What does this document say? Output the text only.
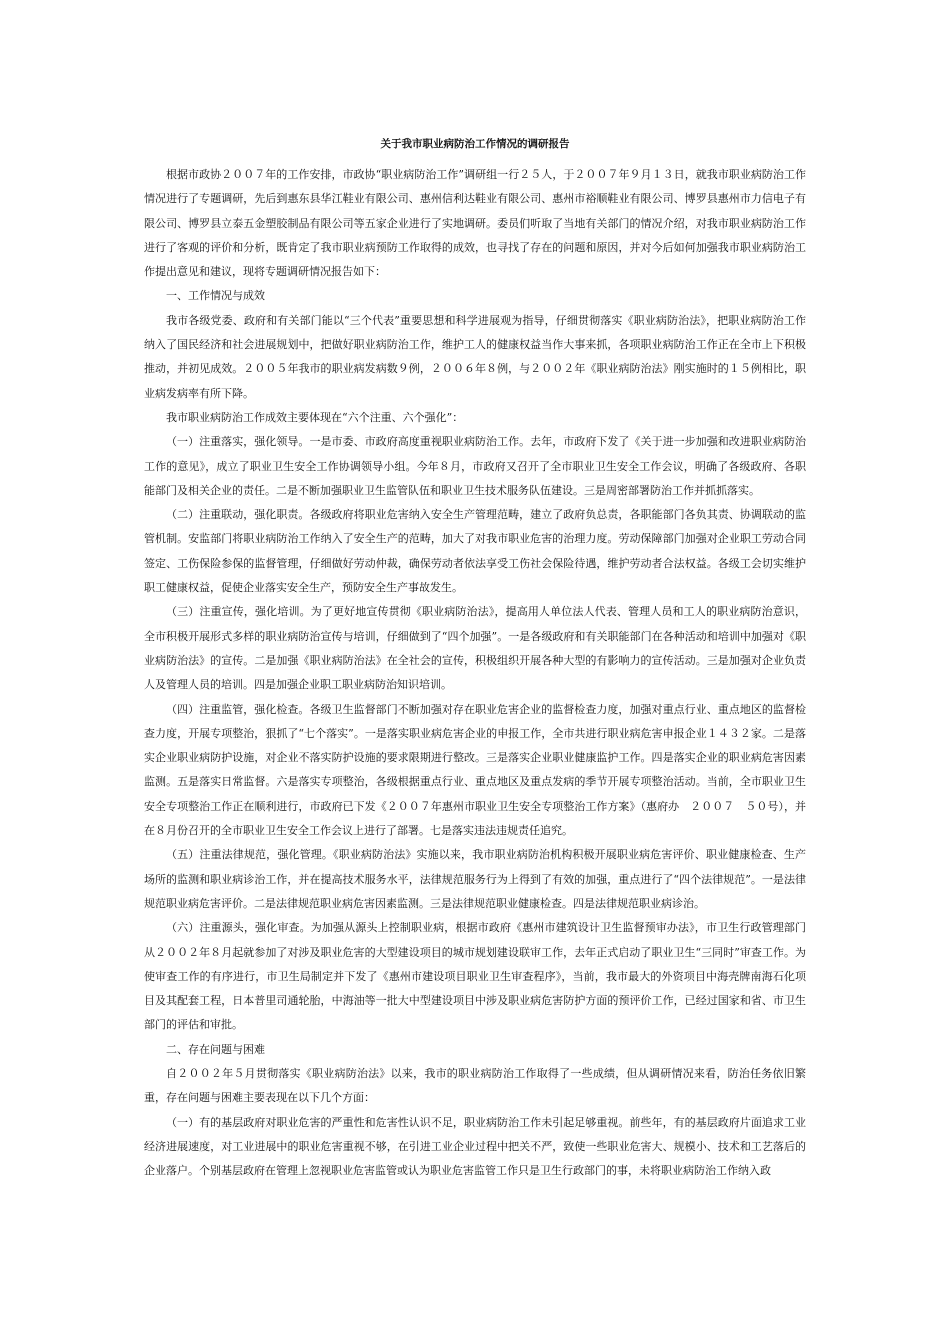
关于我市职业病防治工作情况的调研报告

根据市政协２００７年的工作安排，市政协“职业病防治工作”调研组一行２５人，于２００７年９月１３日，就我市职业病防治工作情况进行了专题调研，先后到惠东县华江鞋业有限公司、惠州信利达鞋业有限公司、惠州市裕顺鞋业有限公司、博罗县惠州市力信电子有限公司、博罗县立泰五金塑胶制品有限公司等五家企业进行了实地调研。委员们听取了当地有关部门的情况介绍，对我市职业病防治工作进行了客观的评价和分析，既肯定了我市职业病预防工作取得的成效，也寻找了存在的问题和原因，并对今后如何加强我市职业病防治工作提出意见和建议，现将专题调研情况报告如下：

一、工作情况与成效

我市各级党委、政府和有关部门能以“三个代表”重要思想和科学进展观为指导，仔细贯彻落实《职业病防治法》，把职业病防治工作纳入了国民经济和社会进展规划中，把做好职业病防治工作，维护工人的健康权益当作大事来抓，各项职业病防治工作正在全市上下积极推动，并初见成效。２００５年我市的职业病发病数９例，２００６年８例，与２００２年《职业病防治法》刚实施时的１５例相比，职业病发病率有所下降。

我市职业病防治工作成效主要体现在“六个注重、六个强化”：

（一）注重落实，强化领导。一是市委、市政府高度重视职业病防治工作。去年，市政府下发了《关于进一步加强和改进职业病防治工作的意见》，成立了职业卫生安全工作协调领导小组。今年８月，市政府又召开了全市职业卫生安全工作会议，明确了各级政府、各职能部门及相关企业的责任。二是不断加强职业卫生监管队伍和职业卫生技术服务队伍建设。三是周密部署防治工作并抓抓落实。

（二）注重联动，强化职责。各级政府将职业危害纳入安全生产管理范畴，建立了政府负总责，各职能部门各负其责、协调联动的监管机制。安监部门将职业病防治工作纳入了安全生产的范畴，加大了对我市职业危害的治理力度。劳动保障部门加强对企业职工劳动合同签定、工伤保险参保的监督管理，仔细做好劳动仲裁，确保劳动者依法享受工伤社会保险待遇，维护劳动者合法权益。各级工会切实维护职工健康权益，促使企业落实安全生产，预防安全生产事故发生。

（三）注重宣传，强化培训。为了更好地宣传贯彻《职业病防治法》，提高用人单位法人代表、管理人员和工人的职业病防治意识，全市积极开展形式多样的职业病防治宣传与培训，仔细做到了“四个加强”。一是各级政府和有关职能部门在各种活动和培训中加强对《职业病防治法》的宣传。二是加强《职业病防治法》在全社会的宣传，积极组织开展各种大型的有影响力的宣传活动。三是加强对企业负责人及管理人员的培训。四是加强企业职工职业病防治知识培训。

（四）注重监管，强化检查。各级卫生监督部门不断加强对存在职业危害企业的监督检查力度，加强对重点行业、重点地区的监督检查力度，开展专项整治，狠抓了“七个落实”。一是落实职业病危害企业的申报工作，全市共进行职业病危害申报企业１４３２家。二是落实企业职业病防护设施，对企业不落实防护设施的要求限期进行整改。三是落实企业职业健康监护工作。四是落实企业的职业病危害因素监测。五是落实日常监督。六是落实专项整治，各级根据重点行业、重点地区及重点发病的季节开展专项整治活动。当前，全市职业卫生安全专项整治工作正在顺利进行，市政府已下发《２００７年惠州市职业卫生安全专项整治工作方案》（惠府办　２００７　５０号），并在８月份召开的全市职业卫生安全工作会议上进行了部署。七是落实违法违规责任追究。

（五）注重法律规范，强化管理。《职业病防治法》实施以来，我市职业病防治机构积极开展职业病危害评价、职业健康检查、生产场所的监测和职业病诊治工作，并在提高技术服务水平，法律规范服务行为上得到了有效的加强，重点进行了“四个法律规范”。一是法律规范职业病危害评价。二是法律规范职业病危害因素监测。三是法律规范职业健康检查。四是法律规范职业病诊治。

（六）注重源头，强化审查。为加强从源头上控制职业病，根据市政府《惠州市建筑设计卫生监督预审办法》，市卫生行政管理部门从２００２年８月起就参加了对涉及职业危害的大型建设项目的城市规划建设联审工作，去年正式启动了职业卫生“三同时”审查工作。为使审查工作的有序进行，市卫生局制定并下发了《惠州市建设项目职业卫生审查程序》，当前，我市最大的外资项目中海壳牌南海石化项目及其配套工程，日本普里司通轮胎，中海油等一批大中型建设项目中涉及职业病危害防护方面的预评价工作，已经过国家和省、市卫生部门的评估和审批。

二、存在问题与困难

自２００２年５月贯彻落实《职业病防治法》以来，我市的职业病防治工作取得了一些成绩，但从调研情况来看，防治任务依旧繁重，存在问题与困难主要表现在以下几个方面：

（一）有的基层政府对职业危害的严重性和危害性认识不足，职业病防治工作未引起足够重视。前些年，有的基层政府片面追求工业经济进展速度，对工业进展中的职业危害重视不够，在引进工业企业过程中把关不严，致使一些职业危害大、规模小、技术和工艺落后的企业落户。个别基层政府在管理上忽视职业危害监管或认为职业危害监管工作只是卫生行政部门的事，未将职业病防治工作纳入政
